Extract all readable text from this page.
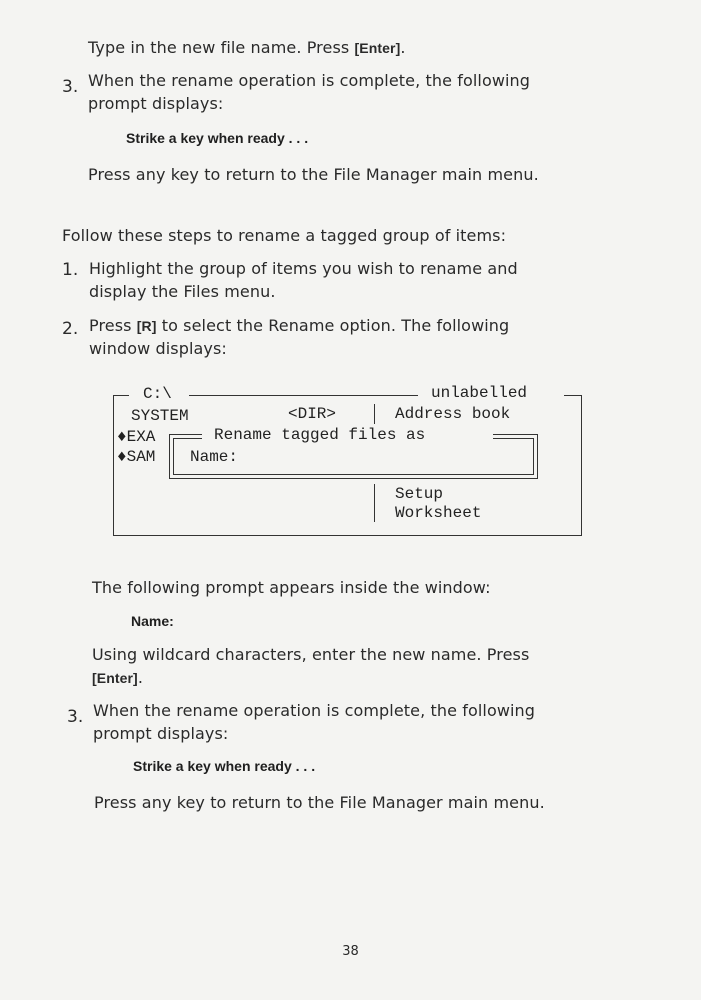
Type in the new file name. Press [Enter].
3. When the rename operation is complete, the following
prompt displays:
Strike a key when ready . . .
Press any key to return to the File Manager main menu.
Follow these steps to rename a tagged group of items:
1. Highlight the group of items you wish to rename and
display the Files menu.
2. Press [R] to select the Rename option. The following
window displays:
C:\	unlabelled
SYSTEM	<DIR>	Address book
♦EXA
♦SAM
Rename tagged files as
Name:
Setup
Worksheet
The following prompt appears inside the window:
Name:
Using wildcard characters, enter the new name. Press
[Enter].
3. When the rename operation is complete, the following
prompt displays:
Strike a key when ready . . .
Press any key to return to the File Manager main menu.
38
